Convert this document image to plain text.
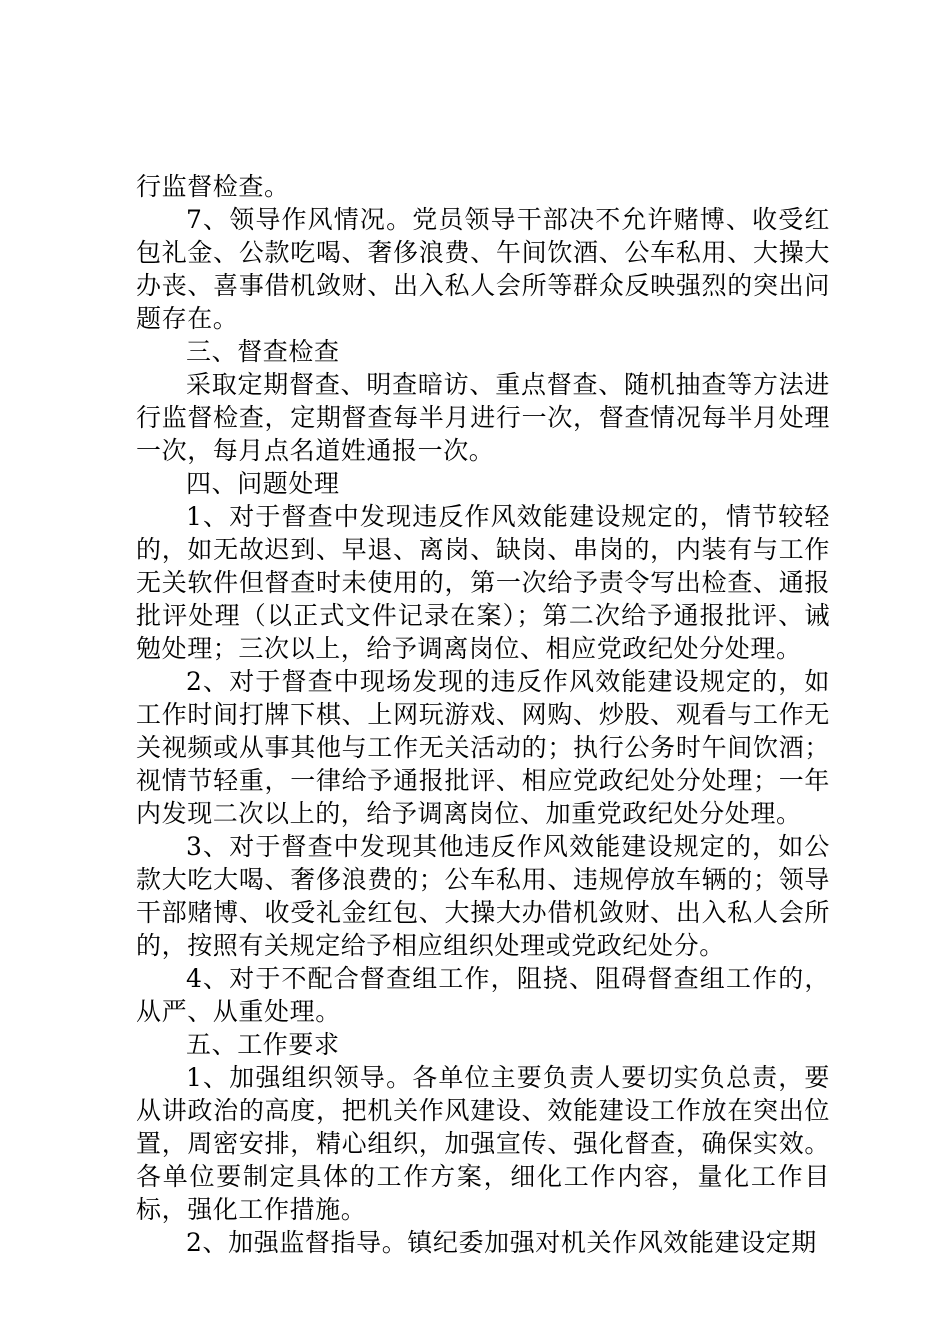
行监督检查。

7、领导作风情况。党员领导干部决不允许赌博、收受红包礼金、公款吃喝、奢侈浪费、午间饮酒、公车私用、大操大办丧、喜事借机敛财、出入私人会所等群众反映强烈的突出问题存在。

三、督查检查

采取定期督查、明查暗访、重点督查、随机抽查等方法进行监督检查，定期督查每半月进行一次，督查情况每半月处理一次，每月点名道姓通报一次。

四、问题处理

1、对于督查中发现违反作风效能建设规定的，情节较轻的，如无故迟到、早退、离岗、缺岗、串岗的，内装有与工作无关软件但督查时未使用的，第一次给予责令写出检查、通报批评处理（以正式文件记录在案）；第二次给予通报批评、诫勉处理；三次以上，给予调离岗位、相应党政纪处分处理。

2、对于督查中现场发现的违反作风效能建设规定的，如工作时间打牌下棋、上网玩游戏、网购、炒股、观看与工作无关视频或从事其他与工作无关活动的；执行公务时午间饮酒；视情节轻重，一律给予通报批评、相应党政纪处分处理；一年内发现二次以上的，给予调离岗位、加重党政纪处分处理。

3、对于督查中发现其他违反作风效能建设规定的，如公款大吃大喝、奢侈浪费的；公车私用、违规停放车辆的；领导干部赌博、收受礼金红包、大操大办借机敛财、出入私人会所的，按照有关规定给予相应组织处理或党政纪处分。

4、对于不配合督查组工作，阻挠、阻碍督查组工作的，从严、从重处理。

五、工作要求

1、加强组织领导。各单位主要负责人要切实负总责，要从讲政治的高度，把机关作风建设、效能建设工作放在突出位置，周密安排，精心组织，加强宣传、强化督查，确保实效。各单位要制定具体的工作方案，细化工作内容，量化工作目标，强化工作措施。

2、加强监督指导。镇纪委加强对机关作风效能建设定期
